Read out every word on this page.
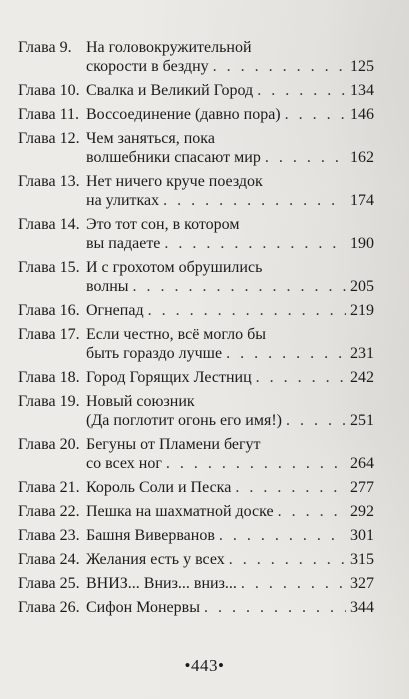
Глава 9. На головокружительной
скорости в бездну . . .	125
Глава 10. Свалка и Великий Город . . .	134
Глава 11. Воссоединение (давно пора) . . .	146
Глава 12. Чем заняться, пока
волшебники спасают мир . . .	162
Глава 13. Нет ничего круче поездок
на улитках . . .	174
Глава 14. Это тот сон, в котором
вы падаете . . .	190
Глава 15. И с грохотом обрушились
волны . . .	205
Глава 16. Огнепад . . .	219
Глава 17. Если честно, всё могло бы
быть гораздо лучше . . .	231
Глава 18. Город Горящих Лестниц . . .	242
Глава 19. Новый союзник
(Да поглотит огонь его имя!) . . .	251
Глава 20. Бегуны от Пламени бегут
со всех ног . . .	264
Глава 21. Король Соли и Песка . . .	277
Глава 22. Пешка на шахматной доске . . .	292
Глава 23. Башня Виверванов . . .	301
Глава 24. Желания есть у всех . . .	315
Глава 25. ВНИЗ... Вниз... вниз... . . .	327
Глава 26. Сифон Монервы . . .	344
•443•
